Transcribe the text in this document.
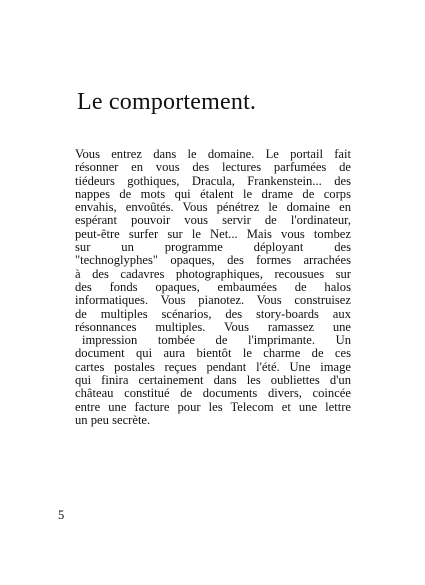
Le comportement.
Vous entrez dans le domaine. Le portail fait
résonner en vous des lectures parfumées de
tiédeurs gothiques, Dracula, Frankenstein... des
nappes de mots qui étalent le drame de corps
envahis, envoûtés. Vous pénétrez le domaine en
espérant pouvoir vous servir de l'ordinateur,
peut-être surfer sur le Net... Mais vous tombez
sur un programme déployant des
"technoglyphes" opaques, des formes arrachées
à des cadavres photographiques, recousues sur
des fonds opaques, embaumées de halos
informatiques. Vous pianotez. Vous construisez
de multiples scénarios, des story-boards aux
résonnances multiples. Vous ramassez une
impression tombée de l'imprimante. Un
document qui aura bientôt le charme de ces
cartes postales reçues pendant l'été. Une image
qui finira certainement dans les oubliettes d'un
château constitué de documents divers, coincée
entre une facture pour les Telecom et une lettre
un peu secrète.
5
